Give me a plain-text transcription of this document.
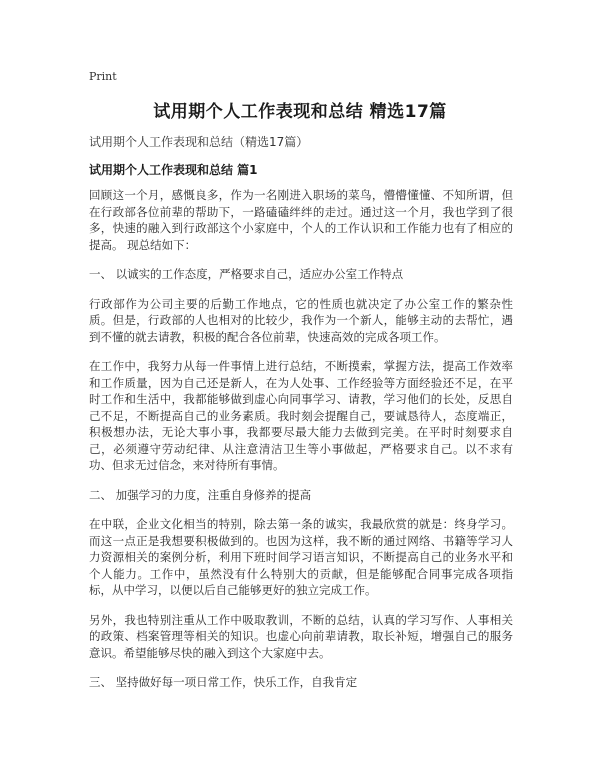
Print
试用期个人工作表现和总结 精选17篇
试用期个人工作表现和总结（精选17篇）
试用期个人工作表现和总结 篇1

回顾这一个月，感慨良多，作为一名刚进入职场的菜鸟，懵懵懂懂、不知所谓，但在行政部各位前辈的帮助下，一路磕磕绊绊的走过。通过这一个月，我也学到了很多，快速的融入到行政部这个小家庭中，个人的工作认识和工作能力也有了相应的提高。 现总结如下：

一、 以诚实的工作态度，严格要求自己，适应办公室工作特点

行政部作为公司主要的后勤工作地点，它的性质也就决定了办公室工作的繁杂性质。但是，行政部的人也相对的比较少，我作为一个新人，能够主动的去帮忙，遇到不懂的就去请教，积极的配合各位前辈，快速高效的完成各项工作。

在工作中，我努力从每一件事情上进行总结，不断摸索，掌握方法，提高工作效率和工作质量，因为自己还是新人，在为人处事、工作经验等方面经验还不足，在平时工作和生活中，我都能够做到虚心向同事学习、请教，学习他们的长处，反思自己不足，不断提高自己的业务素质。我时刻会提醒自己，要诚恳待人，态度端正，积极想办法，无论大事小事，我都要尽最大能力去做到完美。在平时时刻要求自己，必须遵守劳动纪律、从注意清洁卫生等小事做起，严格要求自己。以不求有功、但求无过信念，来对待所有事情。

二、 加强学习的力度，注重自身修养的提高

在中联，企业文化相当的特别，除去第一条的诚实，我最欣赏的就是：终身学习。而这一点正是我想要积极做到的。也因为这样，我不断的通过网络、书籍等学习人力资源相关的案例分析，利用下班时间学习语言知识，不断提高自己的业务水平和个人能力。工作中，虽然没有什么特别大的贡献，但是能够配合同事完成各项指标，从中学习，以便以后自己能够更好的独立完成工作。

另外，我也特别注重从工作中吸取教训，不断的总结，认真的学习写作、人事相关的政策、档案管理等相关的知识。也虚心向前辈请教，取长补短，增强自己的服务意识。希望能够尽快的融入到这个大家庭中去。

三、 坚持做好每一项日常工作，快乐工作，自我肯定
